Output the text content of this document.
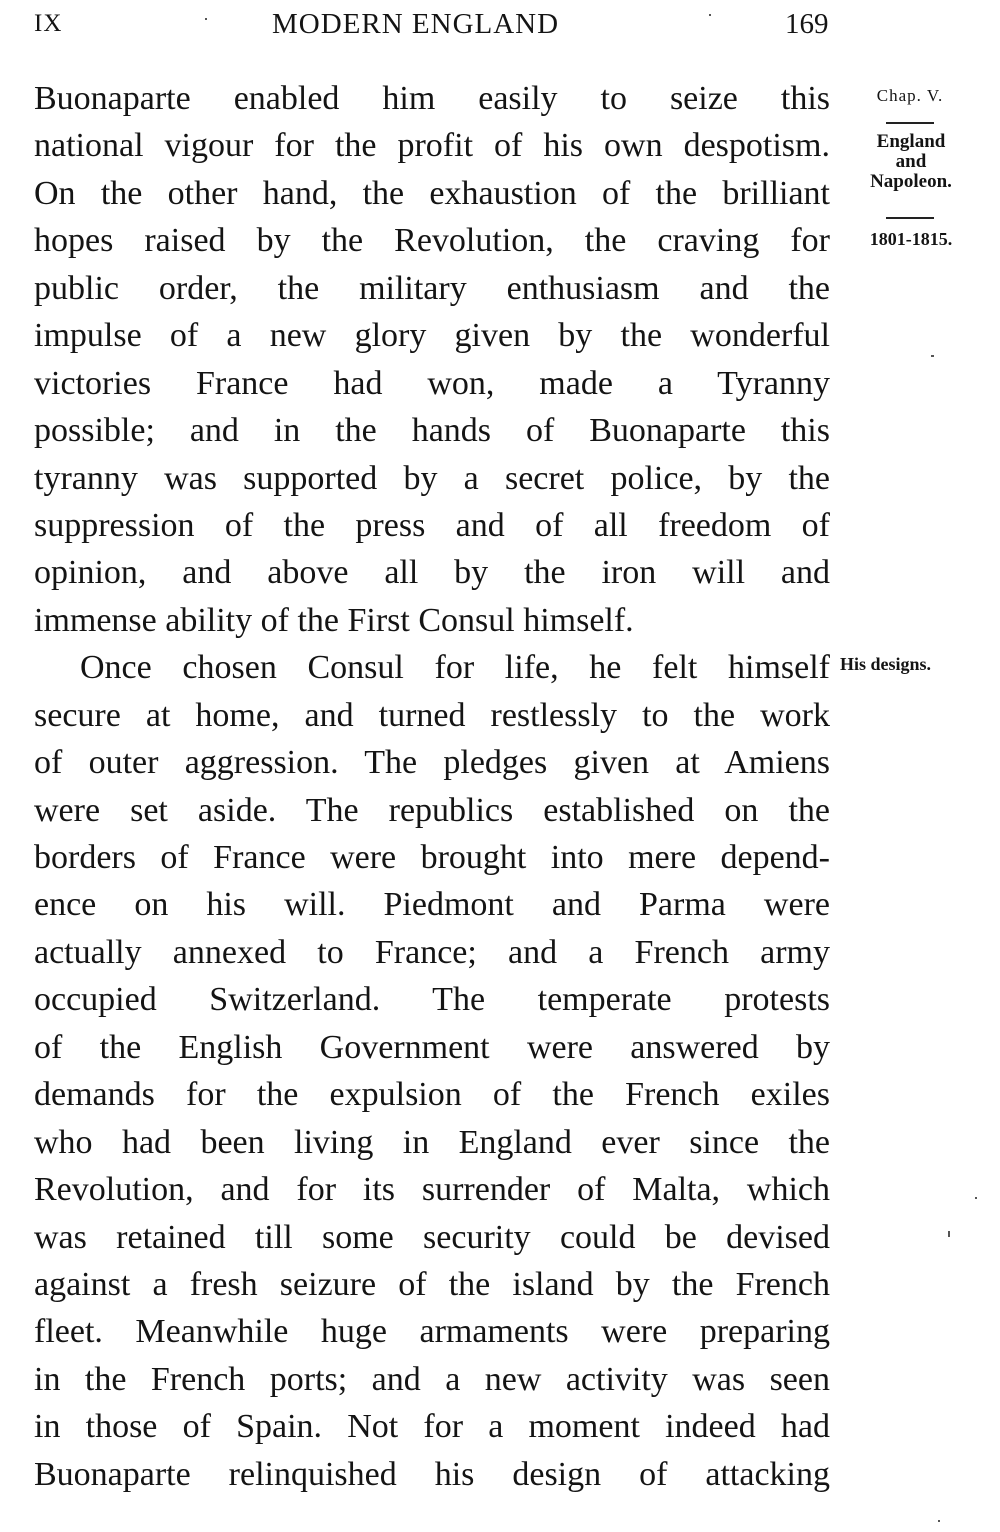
IX	MODERN ENGLAND	169
Buonaparte enabled him easily to seize this
national vigour for the profit of his own despotism.
On the other hand, the exhaustion of the brilliant
hopes raised by the Revolution, the craving for
public order, the military enthusiasm and the
impulse of a new glory given by the wonderful
victories France had won, made a Tyranny
possible; and in the hands of Buonaparte this
tyranny was supported by a secret police, by the
suppression of the press and of all freedom of
opinion, and above all by the iron will and
immense ability of the First Consul himself.
Once chosen Consul for life, he felt himself
secure at home, and turned restlessly to the work
of outer aggression. The pledges given at Amiens
were set aside. The republics established on the
borders of France were brought into mere depend-
ence on his will. Piedmont and Parma were
actually annexed to France; and a French army
occupied Switzerland. The temperate protests
of the English Government were answered by
demands for the expulsion of the French exiles
who had been living in England ever since the
Revolution, and for its surrender of Malta, which
was retained till some security could be devised
against a fresh seizure of the island by the French
fleet. Meanwhile huge armaments were preparing
in the French ports; and a new activity was seen
in those of Spain. Not for a moment indeed had
Buonaparte relinquished his design of attacking
Chap. V.
England
and
Napoleon.
1801-1815.
His designs.
